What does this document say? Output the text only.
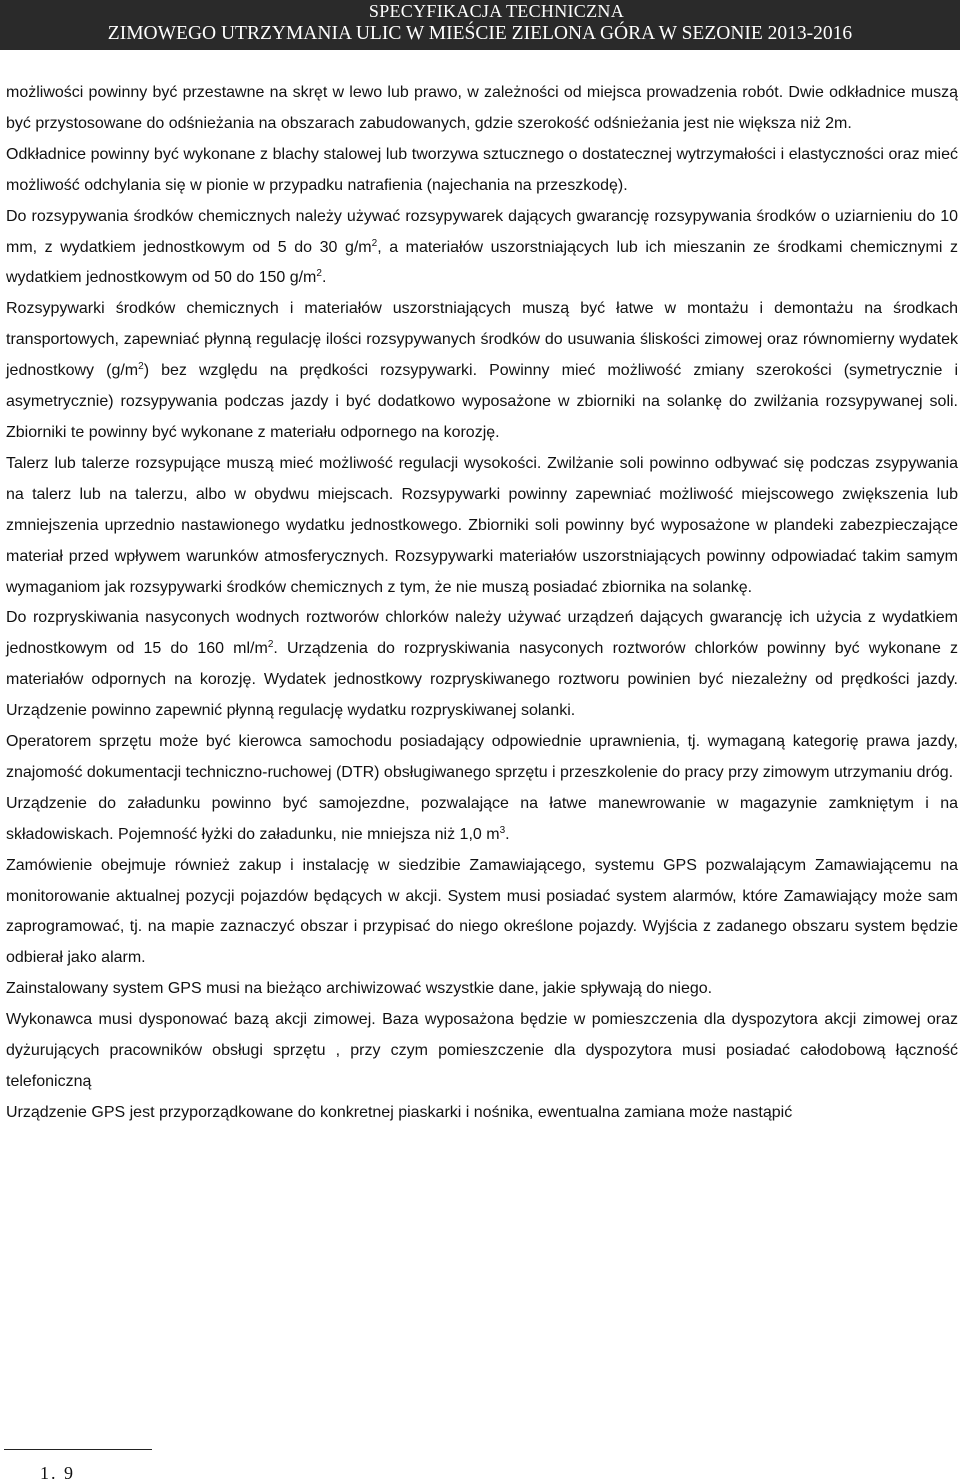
SPECYFIKACJA TECHNICZNA
ZIMOWEGO UTRZYMANIA ULIC W MIEŚCIE ZIELONA GÓRA W SEZONIE 2013-2016

możliwości powinny być przestawne na skręt w lewo lub prawo, w zależności od miejsca prowadzenia robót. Dwie odkładnice muszą być przystosowane do odśnieżania na obszarach zabudowanych, gdzie szerokość odśnieżania jest nie większa niż 2m.

Odkładnice powinny być wykonane z blachy stalowej lub tworzywa sztucznego o dostatecznej wytrzymałości i elastyczności oraz mieć możliwość odchylania się w pionie w przypadku natrafienia (najechania na przeszkodę).

Do rozsypywania środków chemicznych należy używać rozsypywarek dających gwarancję rozsypywania środków o uziarnieniu do 10 mm, z wydatkiem jednostkowym od 5 do 30 $g/m^2$, a materiałów uszorstniających lub ich mieszanin ze środkami chemicznymi z wydatkiem jednostkowym od 50 do 150 $g/m^2$.

Rozsypywarki środków chemicznych i materiałów uszorstniających muszą być łatwe w montażu i demontażu na środkach transportowych, zapewniać płynną regulację ilości rozsypywanych środków do usuwania śliskości zimowej oraz równomierny wydatek jednostkowy $(g/m^2)$ bez względu na prędkości rozsypywarki. Powinny mieć możliwość zmiany szerokości (symetrycznie i asymetrycznie) rozsypywania podczas jazdy i być dodatkowo wyposażone w zbiorniki na solankę do zwilżania rozsypywanej soli. Zbiorniki te powinny być wykonane z materiału odpornego na korozję.

Talerz lub talerze rozsypujące muszą mieć możliwość regulacji wysokości. Zwilżanie soli powinno odbywać się podczas zsypywania na talerz lub na talerzu, albo w obydwu miejscach. Rozsypywarki powinny zapewniać możliwość miejscowego zwiększenia lub zmniejszenia uprzednio nastawionego wydatku jednostkowego. Zbiorniki soli powinny być wyposażone w plandeki zabezpieczające materiał przed wpływem warunków atmosferycznych. Rozsypywarki materiałów uszorstniających powinny odpowiadać takim samym wymaganiom jak rozsypywarki środków chemicznych z tym, że nie muszą posiadać zbiornika na solankę.

Do rozpryskiwania nasyconych wodnych roztworów chlorków należy używać urządzeń dających gwarancję ich użycia z wydatkiem jednostkowym od 15 do 160 $ml/m^2$. Urządzenia do rozpryskiwania nasyconych roztworów chlorków powinny być wykonane z materiałów odpornych na korozję. Wydatek jednostkowy rozpryskiwanego roztworu powinien być niezależny od prędkości jazdy. Urządzenie powinno zapewnić płynną regulację wydatku rozpryskiwanej solanki.

Operatorem sprzętu może być kierowca samochodu posiadający odpowiednie uprawnienia, tj. wymaganą kategorię prawa jazdy, znajomość dokumentacji techniczno-ruchowej (DTR) obsługiwanego sprzętu i przeszkolenie do pracy przy zimowym utrzymaniu dróg.

Urządzenie do załadunku powinno być samojezdne, pozwalające na łatwe manewrowanie w magazynie zamkniętym i na składowiskach. Pojemność łyżki do załadunku, nie mniejsza niż 1,0 $m^3$.

Zamówienie obejmuje również zakup i instalację w siedzibie Zamawiającego, systemu GPS pozwalającym Zamawiającemu na monitorowanie aktualnej pozycji pojazdów będących w akcji. System musi posiadać system alarmów, które Zamawiający może sam zaprogramować, tj. na mapie zaznaczyć obszar i przypisać do niego określone pojazdy. Wyjścia z zadanego obszaru system będzie odbierał jako alarm.

Zainstalowany system GPS musi na bieżąco archiwizować wszystkie dane, jakie spływają do niego.

Wykonawca musi dysponować bazą akcji zimowej. Baza wyposażona będzie w pomieszczenia dla dyspozytora akcji zimowej oraz dyżurujących pracowników obsługi sprzętu , przy czym pomieszczenie dla dyspozytora musi posiadać całodobową łączność telefoniczną

Urządzenie GPS jest przyporządkowane do konkretnej piaskarki i nośnika, ewentualna zamiana może nastąpić

1. 9
